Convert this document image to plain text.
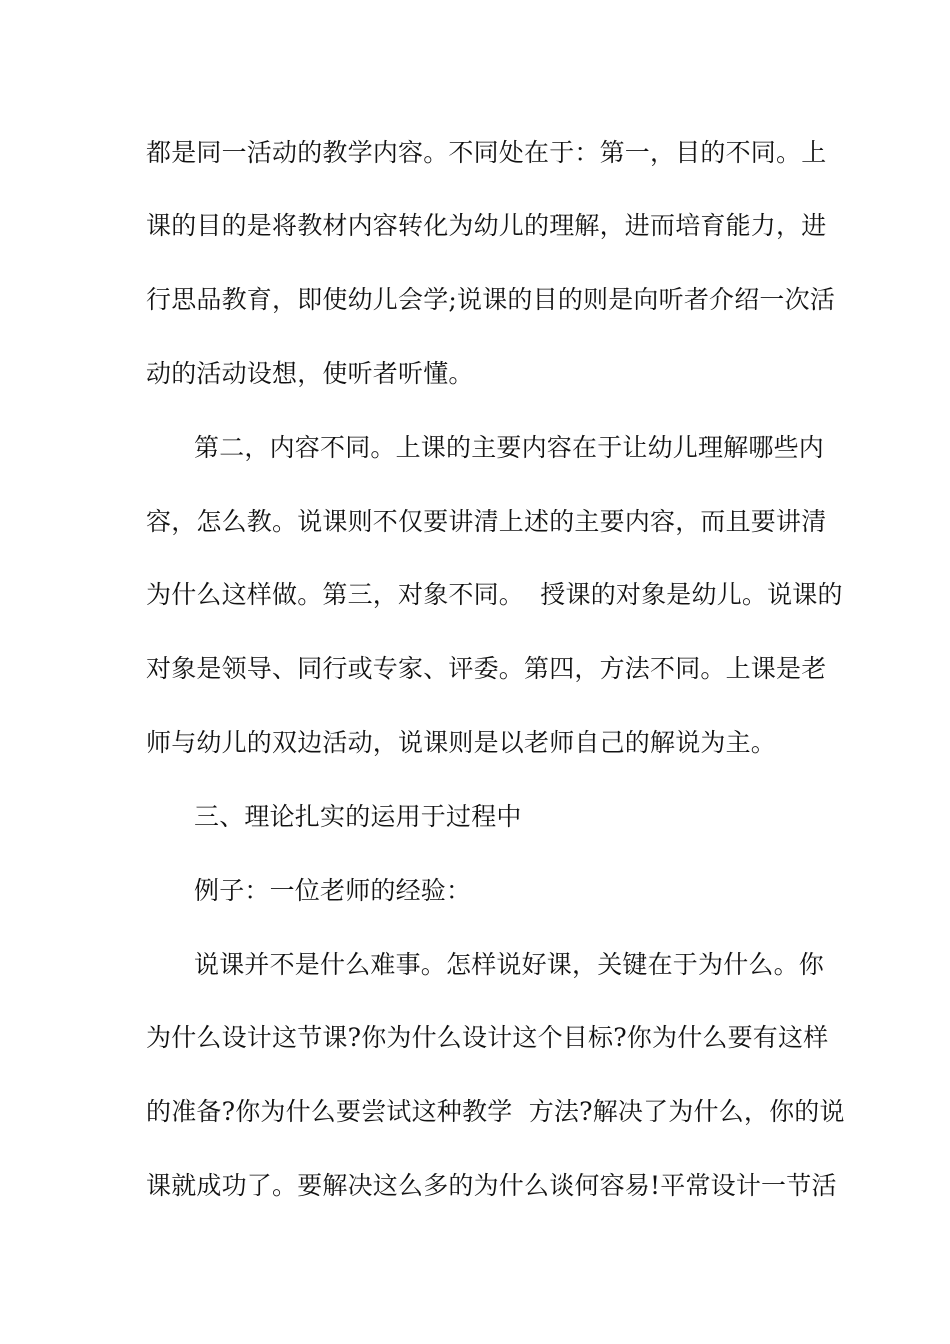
都是同一活动的教学内容。不同处在于：第一，目的不同。上
课的目的是将教材内容转化为幼儿的理解，进而培育能力，进
行思品教育，即使幼儿会学;说课的目的则是向听者介绍一次活
动的活动设想，使听者听懂。
第二，内容不同。上课的主要内容在于让幼儿理解哪些内
容，怎么教。说课则不仅要讲清上述的主要内容，而且要讲清
为什么这样做。第三，对象不同。  授课的对象是幼儿。说课的
对象是领导、同行或专家、评委。第四，方法不同。上课是老
师与幼儿的双边活动，说课则是以老师自己的解说为主。
三、理论扎实的运用于过程中
例子：一位老师的经验：
说课并不是什么难事。怎样说好课，关键在于为什么。你
为什么设计这节课?你为什么设计这个目标?你为什么要有这样
的准备?你为什么要尝试这种教学  方法?解决了为什么，你的说
课就成功了。要解决这么多的为什么谈何容易!平常设计一节活
